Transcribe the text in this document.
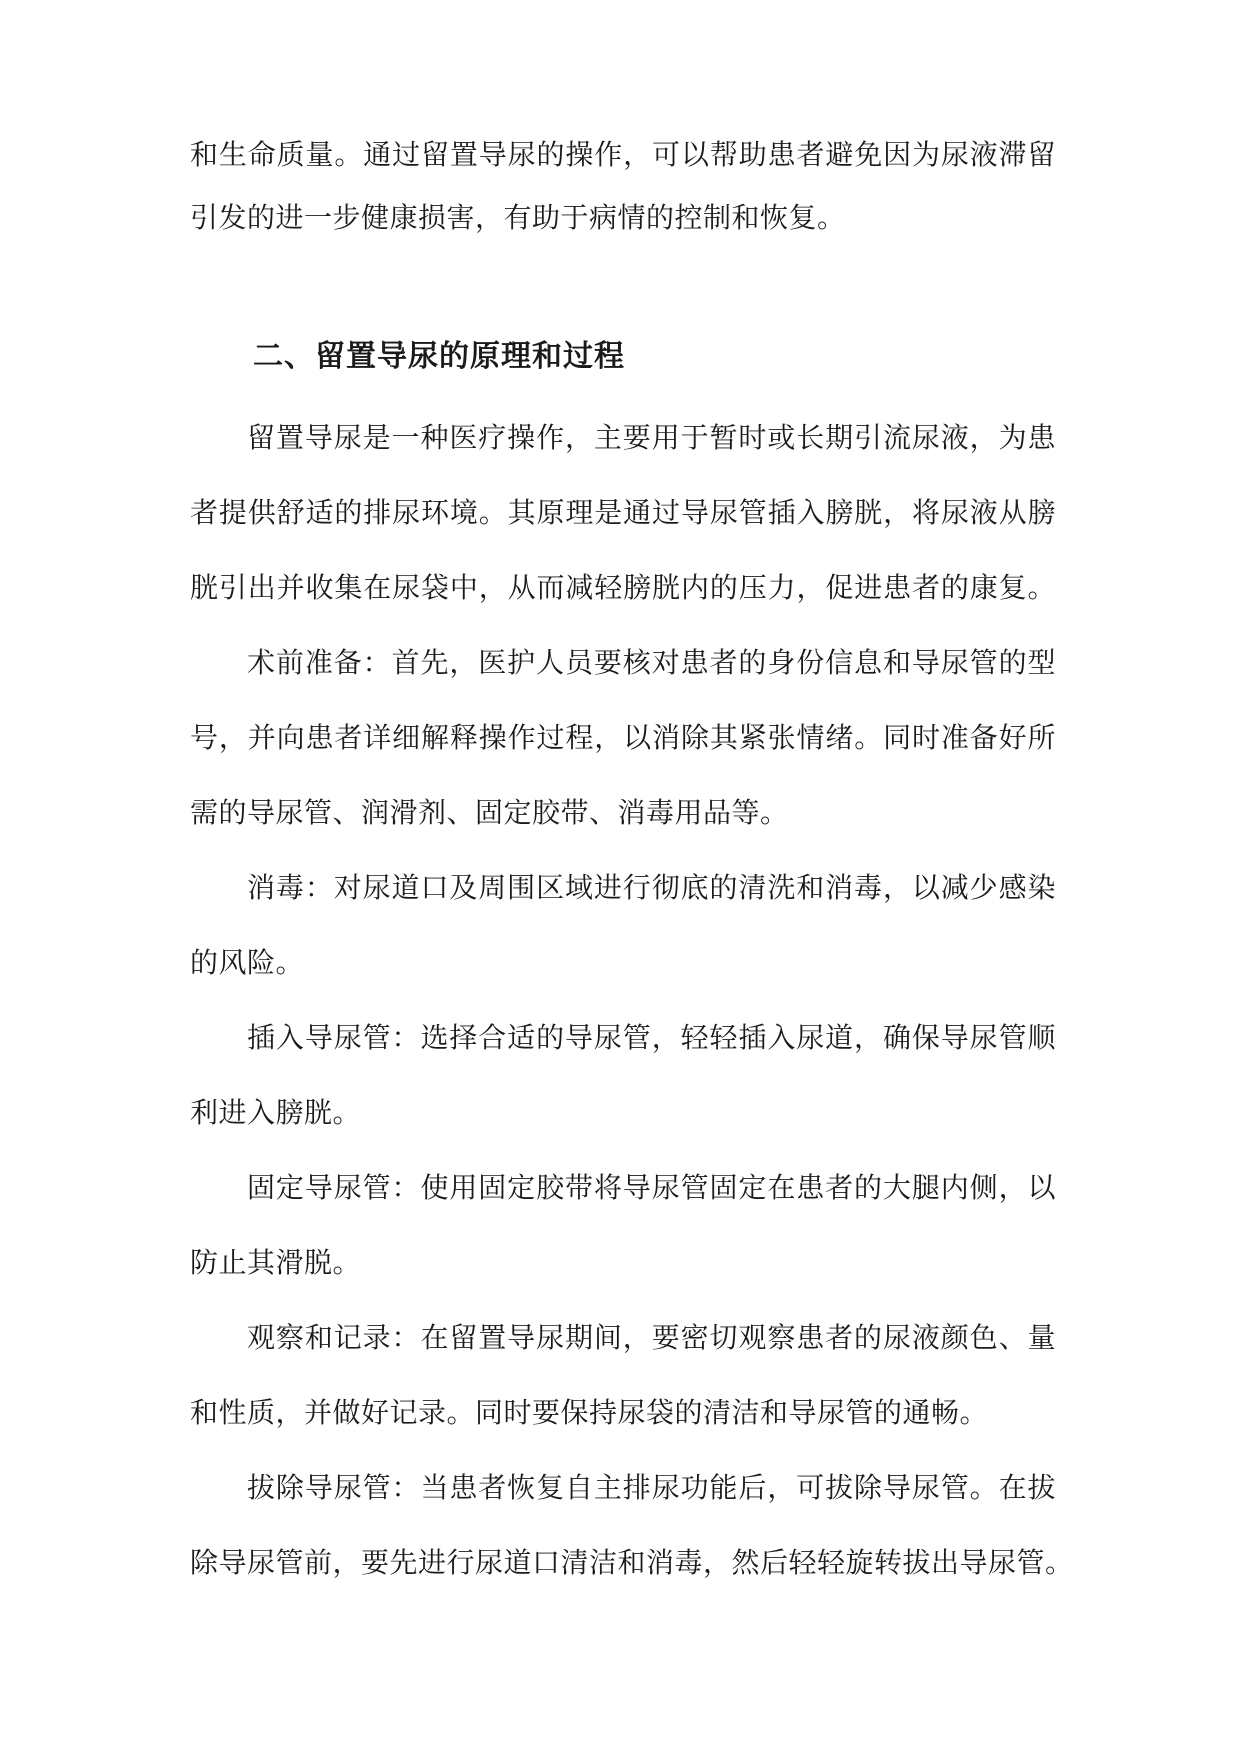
和生命质量。通过留置导尿的操作，可以帮助患者避免因为尿液滞留
引发的进一步健康损害，有助于病情的控制和恢复。
二、留置导尿的原理和过程
留置导尿是一种医疗操作，主要用于暂时或长期引流尿液，为患
者提供舒适的排尿环境。其原理是通过导尿管插入膀胱，将尿液从膀
胱引出并收集在尿袋中，从而减轻膀胱内的压力，促进患者的康复。
术前准备：首先，医护人员要核对患者的身份信息和导尿管的型
号，并向患者详细解释操作过程，以消除其紧张情绪。同时准备好所
需的导尿管、润滑剂、固定胶带、消毒用品等。
消毒：对尿道口及周围区域进行彻底的清洗和消毒，以减少感染
的风险。
插入导尿管：选择合适的导尿管，轻轻插入尿道，确保导尿管顺
利进入膀胱。
固定导尿管：使用固定胶带将导尿管固定在患者的大腿内侧，以
防止其滑脱。
观察和记录：在留置导尿期间，要密切观察患者的尿液颜色、量
和性质，并做好记录。同时要保持尿袋的清洁和导尿管的通畅。
拔除导尿管：当患者恢复自主排尿功能后，可拔除导尿管。在拔
除导尿管前，要先进行尿道口清洁和消毒，然后轻轻旋转拔出导尿管。
